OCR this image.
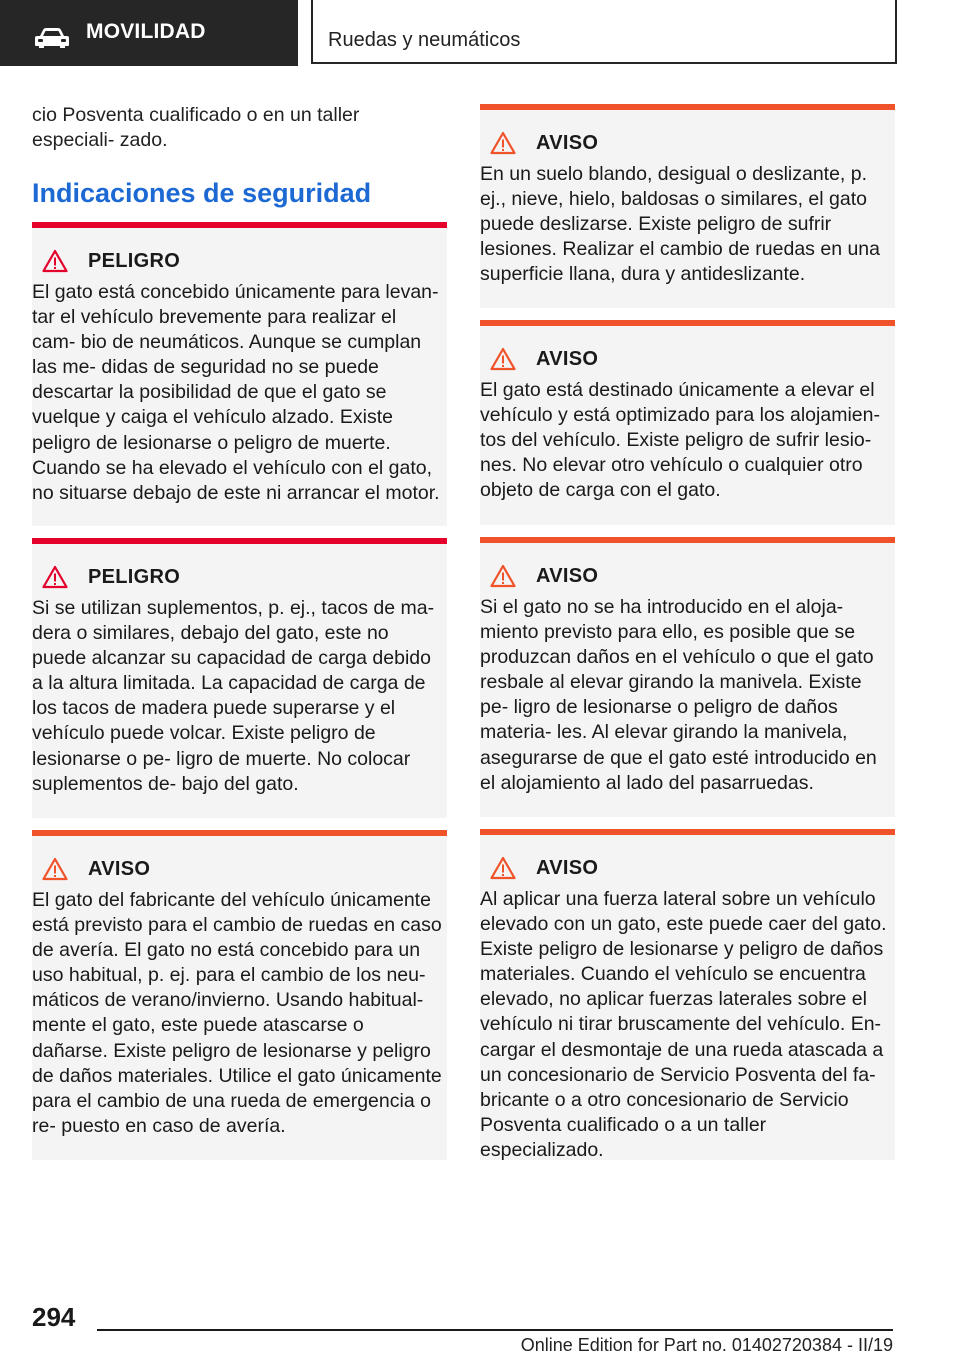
MOVILIDAD	Ruedas y neumáticos
cio Posventa cualificado o en un taller especiali‐ zado.
Indicaciones de seguridad
PELIGRO
El gato está concebido únicamente para levan‐ tar el vehículo brevemente para realizar el cam‐ bio de neumáticos. Aunque se cumplan las me‐ didas de seguridad no se puede descartar la posibilidad de que el gato se vuelque y caiga el vehículo alzado. Existe peligro de lesionarse o peligro de muerte. Cuando se ha elevado el vehículo con el gato, no situarse debajo de este ni arrancar el motor.
PELIGRO
Si se utilizan suplementos, p. ej., tacos de ma‐ dera o similares, debajo del gato, este no puede alcanzar su capacidad de carga debido a la altura limitada. La capacidad de carga de los tacos de madera puede superarse y el vehículo puede volcar. Existe peligro de lesionarse o pe‐ ligro de muerte. No colocar suplementos de‐ bajo del gato.
AVISO
El gato del fabricante del vehículo únicamente está previsto para el cambio de ruedas en caso de avería. El gato no está concebido para un uso habitual, p. ej. para el cambio de los neu‐ máticos de verano/invierno. Usando habitual‐ mente el gato, este puede atascarse o dañarse. Existe peligro de lesionarse y peligro de daños materiales. Utilice el gato únicamente para el cambio de una rueda de emergencia o re‐ puesto en caso de avería.
AVISO
En un suelo blando, desigual o deslizante, p. ej., nieve, hielo, baldosas o similares, el gato puede deslizarse. Existe peligro de sufrir lesiones. Realizar el cambio de ruedas en una superficie llana, dura y antideslizante.
AVISO
El gato está destinado únicamente a elevar el vehículo y está optimizado para los alojamien‐ tos del vehículo. Existe peligro de sufrir lesio‐ nes. No elevar otro vehículo o cualquier otro objeto de carga con el gato.
AVISO
Si el gato no se ha introducido en el aloja‐ miento previsto para ello, es posible que se produzcan daños en el vehículo o que el gato resbale al elevar girando la manivela. Existe pe‐ ligro de lesionarse o peligro de daños materia‐ les. Al elevar girando la manivela, asegurarse de que el gato esté introducido en el alojamiento al lado del pasarruedas.
AVISO
Al aplicar una fuerza lateral sobre un vehículo elevado con un gato, este puede caer del gato. Existe peligro de lesionarse y peligro de daños materiales. Cuando el vehículo se encuentra elevado, no aplicar fuerzas laterales sobre el vehículo ni tirar bruscamente del vehículo. En‐ cargar el desmontaje de una rueda atascada a un concesionario de Servicio Posventa del fa‐ bricante o a otro concesionario de Servicio Posventa cualificado o a un taller especializado.
294
Online Edition for Part no. 01402720384 - II/19
